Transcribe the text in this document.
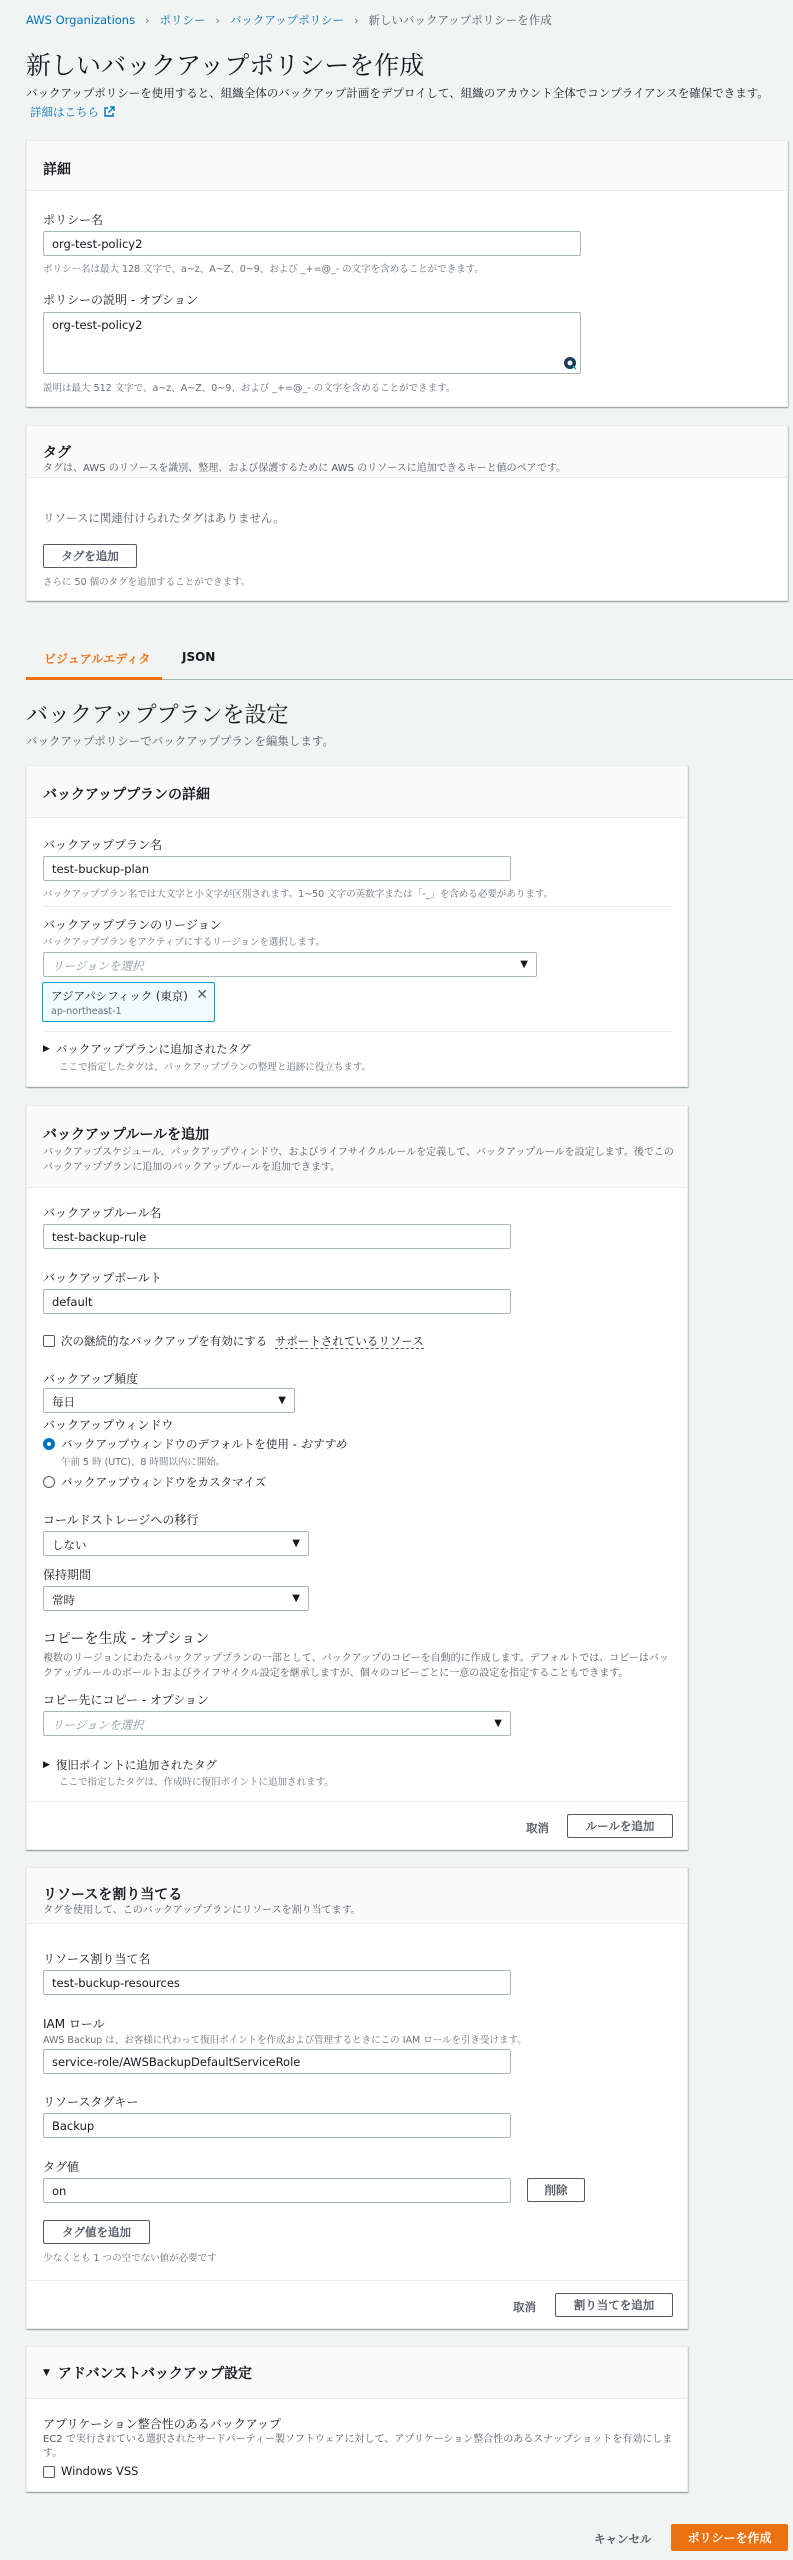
AWS Organizations › ポリシー › バックアップポリシー › 新しいバックアップポリシーを作成
新しいバックアップポリシーを作成
バックアップポリシーを使用すると、組織全体のバックアップ計画をデプロイして、組織のアカウント全体でコンプライアンスを確保できます。
詳細はこちら
詳細
ポリシー名
org-test-policy2
ポリシー名は最大 128 文字で、a~z、A~Z、0~9、および _+=@_- の文字を含めることができます。
ポリシーの説明 - オプション
org-test-policy2
説明は最大 512 文字で、a~z、A~Z、0~9、および _+=@_- の文字を含めることができます。
タグ
タグは、AWS のリソースを識別、整理、および保護するために AWS のリソースに追加できるキーと値のペアです。
リソースに関連付けられたタグはありません。
タグを追加
さらに 50 個のタグを追加することができます。
ビジュアルエディタ	JSON
バックアッププランを設定
バックアップポリシーでバックアッププランを編集します。
バックアッププランの詳細
バックアッププラン名
test-buckup-plan
バックアッププラン名では大文字と小文字が区別されます。1~50 文字の英数字または「-_」を含める必要があります。
バックアッププランのリージョン
バックアッププランをアクティブにするリージョンを選択します。
リージョンを選択 ▼
▶ バックアッププランに追加されたタグ
ここで指定したタグは、バックアッププランの整理と追跡に役立ちます。
アジアパシフィック (東京)
ap-northeast-1
✕
バックアップルールを追加
バックアップスケジュール、バックアップウィンドウ、およびライフサイクルルールを定義して、バックアップルールを設定します。後でこの
バックアッププランに追加のバックアップルールを追加できます。
バックアップルール名
test-backup-rule
バックアップボールト
default
次の継続的なバックアップを有効にする サポートされているリソース
バックアップ頻度
毎日 ▼
バックアップウィンドウ
バックアップウィンドウのデフォルトを使用 - おすすめ
午前 5 時 (UTC)、8 時間以内に開始。
バックアップウィンドウをカスタマイズ
コールドストレージへの移行
しない ▼
保持期間
常時 ▼
コピーを生成 - オプション
複数のリージョンにわたるバックアッププランの一部として、バックアップのコピーを自動的に作成します。デフォルトでは、コピーはバッ
クアップルールのボールトおよびライフサイクル設定を継承しますが、個々のコピーごとに一意の設定を指定することもできます。
コピー先にコピー - オプション
リージョンを選択 ▼
▶ 復旧ポイントに追加されたタグ
ここで指定したタグは、作成時に復旧ポイントに追加されます。
取消	ルールを追加
リソースを割り当てる
タグを使用して、このバックアッププランにリソースを割り当てます。
リソース割り当て名
test-buckup-resources
IAM ロール
AWS Backup は、お客様に代わって復旧ポイントを作成および管理するときにこの IAM ロールを引き受けます。
service-role/AWSBackupDefaultServiceRole
リソースタグキー
Backup
タグ値
on	削除
タグ値を追加
少なくとも 1 つの空でない値が必要です
取消	割り当てを追加
▼ アドバンストバックアップ設定
アプリケーション整合性のあるバックアップ
EC2 で実行されている選択されたサードパーティー製ソフトウェアに対して、アプリケーション整合性のあるスナップショットを有効にしま
す。
Windows VSS
キャンセル	ポリシーを作成
